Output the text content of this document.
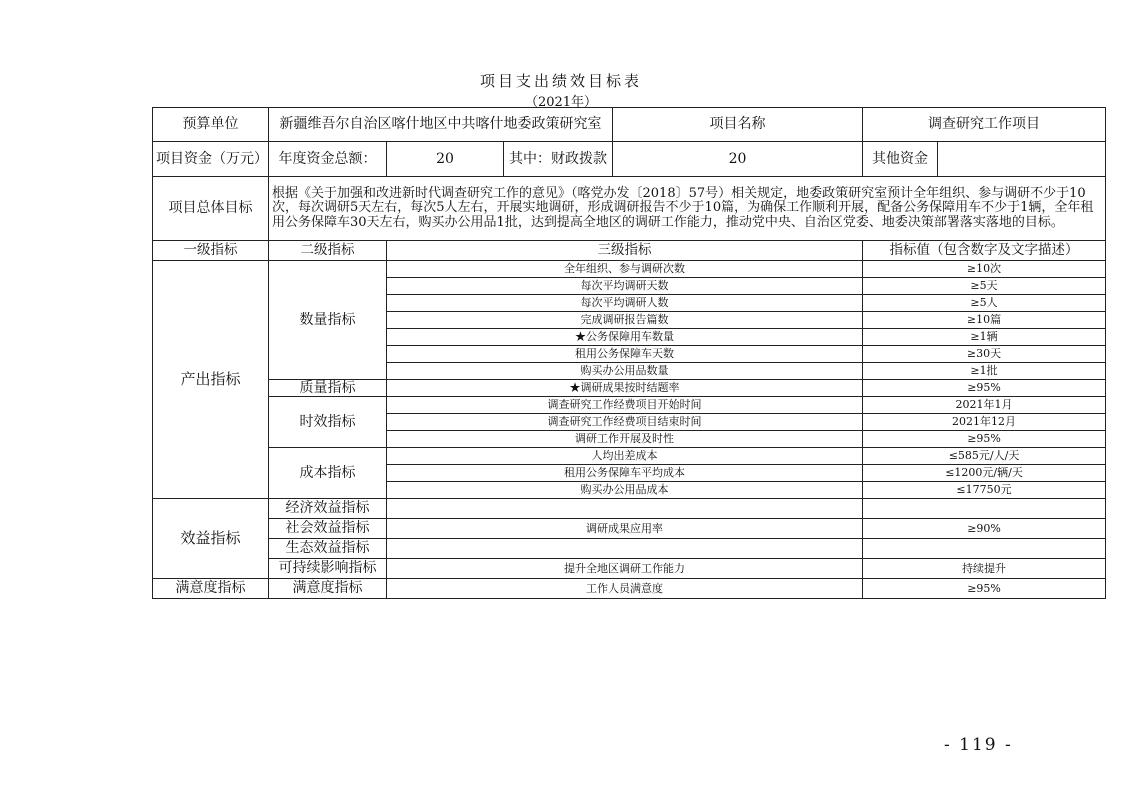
项目支出绩效目标表
（2021年）
预算单位	新疆维吾尔自治区喀什地区中共喀什地委政策研究室			项目名称	调查研究工作项目	
项目资金（万元）	年度资金总额：	20	其中：财政拨款	20	其他资金	
项目总体目标	根据《关于加强和改进新时代调查研究工作的意见》（喀党办发〔2018〕57号）相关规定，地委政策研究室预计全年组织、参与调研不少于10次，每次调研5天左右，每次5人左右，开展实地调研，形成调研报告不少于10篇，为确保工作顺利开展，配备公务保障用车不少于1辆，全年租用公务保障车30天左右，购买办公用品1批，达到提高全地区的调研工作能力，推动党中央、自治区党委、地委决策部署落实落地的目标。					
一级指标	二级指标	三级指标			指标值（包含数字及文字描述）	
产出指标	数量指标	全年组织、参与调研次数			≥10次	
		每次平均调研天数			≥5天	
		每次平均调研人数			≥5人	
		完成调研报告篇数			≥10篇	
		★公务保障用车数量			≥1辆	
		租用公务保障车天数			≥30天	
		购买办公用品数量			≥1批	
	质量指标	★调研成果按时结题率			≥95%	
	时效指标	调查研究工作经费项目开始时间			2021年1月	
		调查研究工作经费项目结束时间			2021年12月	
		调研工作开展及时性			≥95%	
	成本指标	人均出差成本			≤585元/人/天	
		租用公务保障车平均成本			≤1200元/辆/天	
		购买办公用品成本			≤17750元	
效益指标	经济效益指标					
	社会效益指标	调研成果应用率			≥90%	
	生态效益指标					
	可持续影响指标	提升全地区调研工作能力			持续提升	
满意度指标	满意度指标	工作人员满意度			≥95%	
- 119 -
